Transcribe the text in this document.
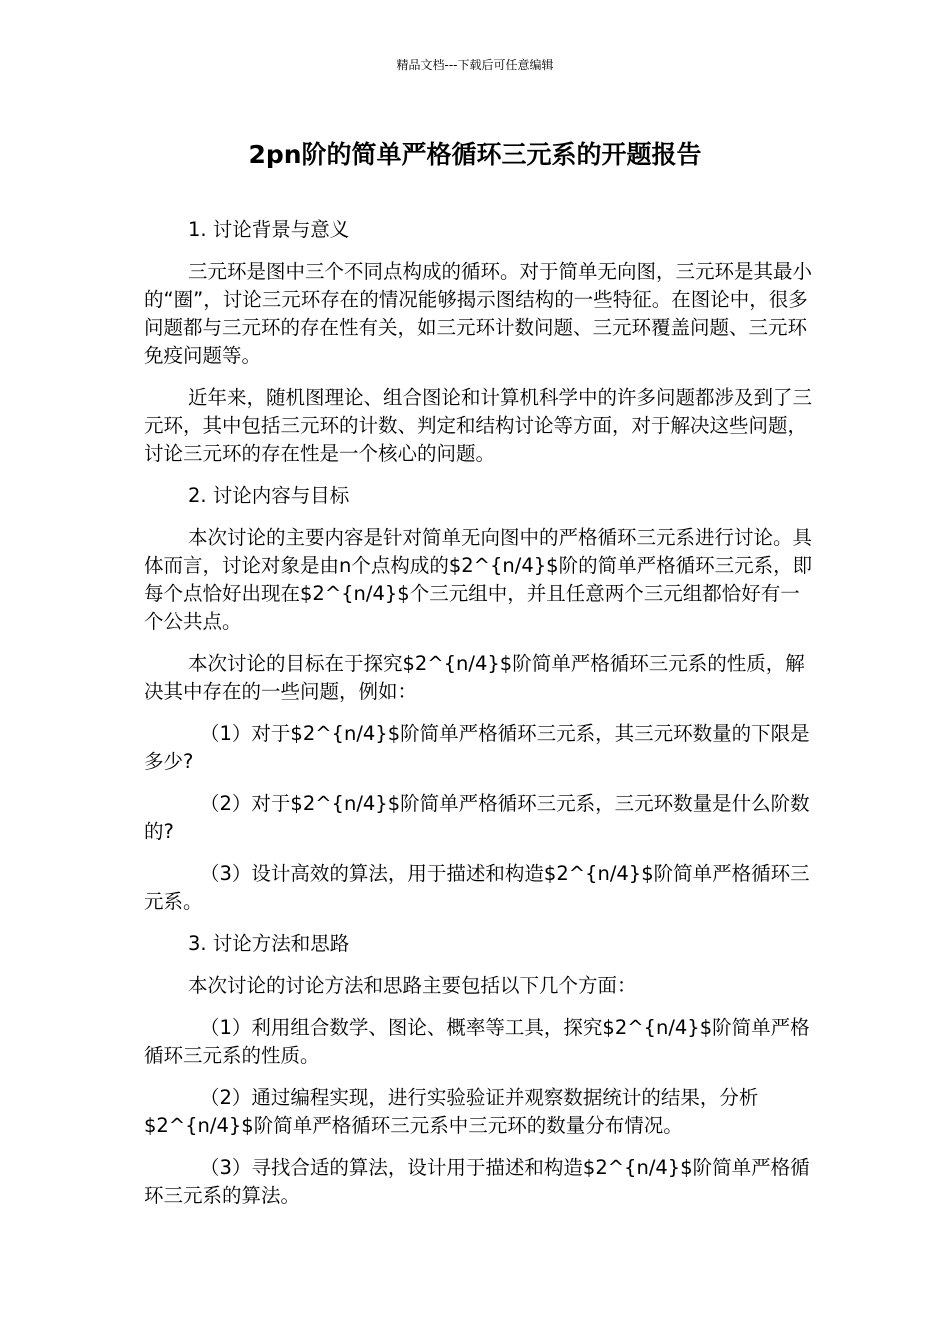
精品文档---下载后可任意编辑
2pn阶的简单严格循环三元系的开题报告

1. 讨论背景与意义

三元环是图中三个不同点构成的循环。对于简单无向图，三元环是其最小的“圈”，讨论三元环存在的情况能够揭示图结构的一些特征。在图论中，很多问题都与三元环的存在性有关，如三元环计数问题、三元环覆盖问题、三元环免疫问题等。

近年来，随机图理论、组合图论和计算机科学中的许多问题都涉及到了三元环，其中包括三元环的计数、判定和结构讨论等方面，对于解决这些问题，讨论三元环的存在性是一个核心的问题。

2. 讨论内容与目标

本次讨论的主要内容是针对简单无向图中的严格循环三元系进行讨论。具体而言，讨论对象是由n个点构成的$2^{n/4}$阶的简单严格循环三元系，即每个点恰好出现在$2^{n/4}$个三元组中，并且任意两个三元组都恰好有一个公共点。

本次讨论的目标在于探究$2^{n/4}$阶简单严格循环三元系的性质，解决其中存在的一些问题，例如：

（1）对于$2^{n/4}$阶简单严格循环三元系，其三元环数量的下限是多少?

（2）对于$2^{n/4}$阶简单严格循环三元系，三元环数量是什么阶数的?

（3）设计高效的算法，用于描述和构造$2^{n/4}$阶简单严格循环三元系。

3. 讨论方法和思路

本次讨论的讨论方法和思路主要包括以下几个方面：

（1）利用组合数学、图论、概率等工具，探究$2^{n/4}$阶简单严格循环三元系的性质。

（2）通过编程实现，进行实验验证并观察数据统计的结果，分析$2^{n/4}$阶简单严格循环三元系中三元环的数量分布情况。

（3）寻找合适的算法，设计用于描述和构造$2^{n/4}$阶简单严格循环三元系的算法。
